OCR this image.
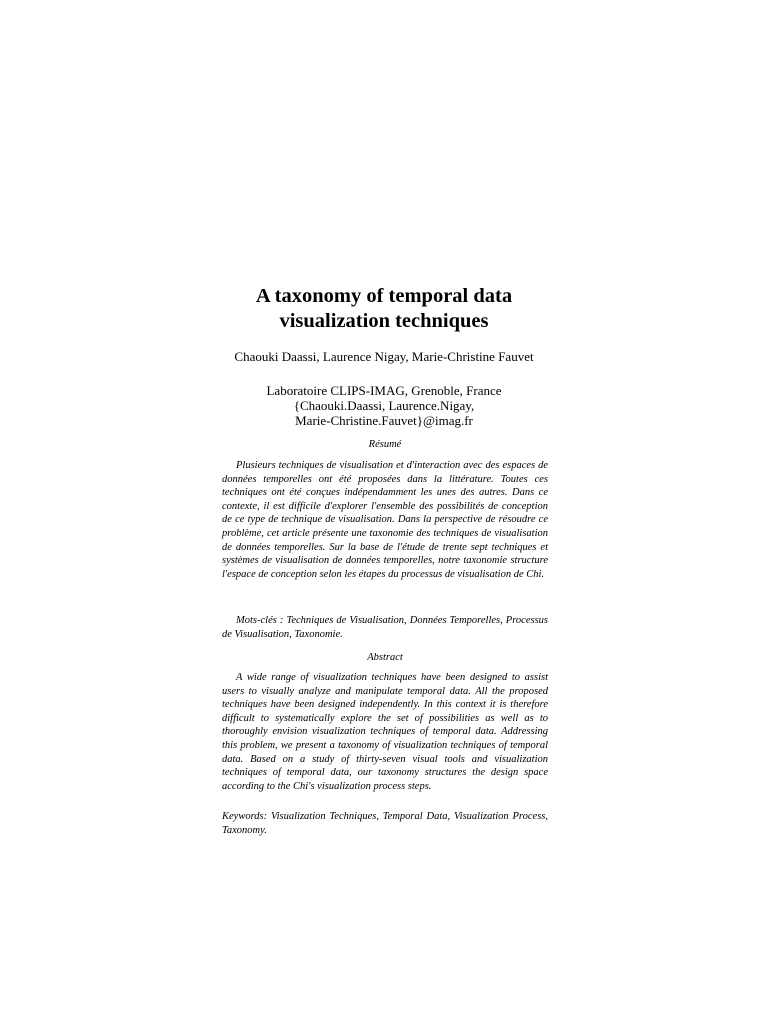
A taxonomy of temporal data
visualization techniques
Chaouki Daassi, Laurence Nigay, Marie-Christine Fauvet
Laboratoire CLIPS-IMAG, Grenoble, France
{Chaouki.Daassi, Laurence.Nigay,
Marie-Christine.Fauvet}@imag.fr
Résumé

Plusieurs techniques de visualisation et d'interaction avec des espaces de données temporelles ont été proposées dans la littérature. Toutes ces techniques ont été conçues indépendamment les unes des autres. Dans ce contexte, il est difficile d'explorer l'ensemble des possibilités de conception de ce type de technique de visualisation. Dans la perspective de résoudre ce problème, cet article présente une taxonomie des techniques de visualisation de données temporelles. Sur la base de l'étude de trente sept techniques et systèmes de visualisation de données temporelles, notre taxonomie structure l'espace de conception selon les étapes du processus de visualisation de Chi.

Mots-clés : Techniques de Visualisation, Données Temporelles, Processus de Visualisation, Taxonomie.

Abstract

A wide range of visualization techniques have been designed to assist users to visually analyze and manipulate temporal data. All the proposed techniques have been designed independently. In this context it is therefore difficult to systematically explore the set of possibilities as well as to thoroughly envision visualization techniques of temporal data. Addressing this problem, we present a taxonomy of visualization techniques of temporal data. Based on a study of thirty-seven visual tools and visualization techniques of temporal data, our taxonomy structures the design space according to the Chi's visualization process steps.

Keywords: Visualization Techniques, Temporal Data, Visualization Process, Taxonomy.
